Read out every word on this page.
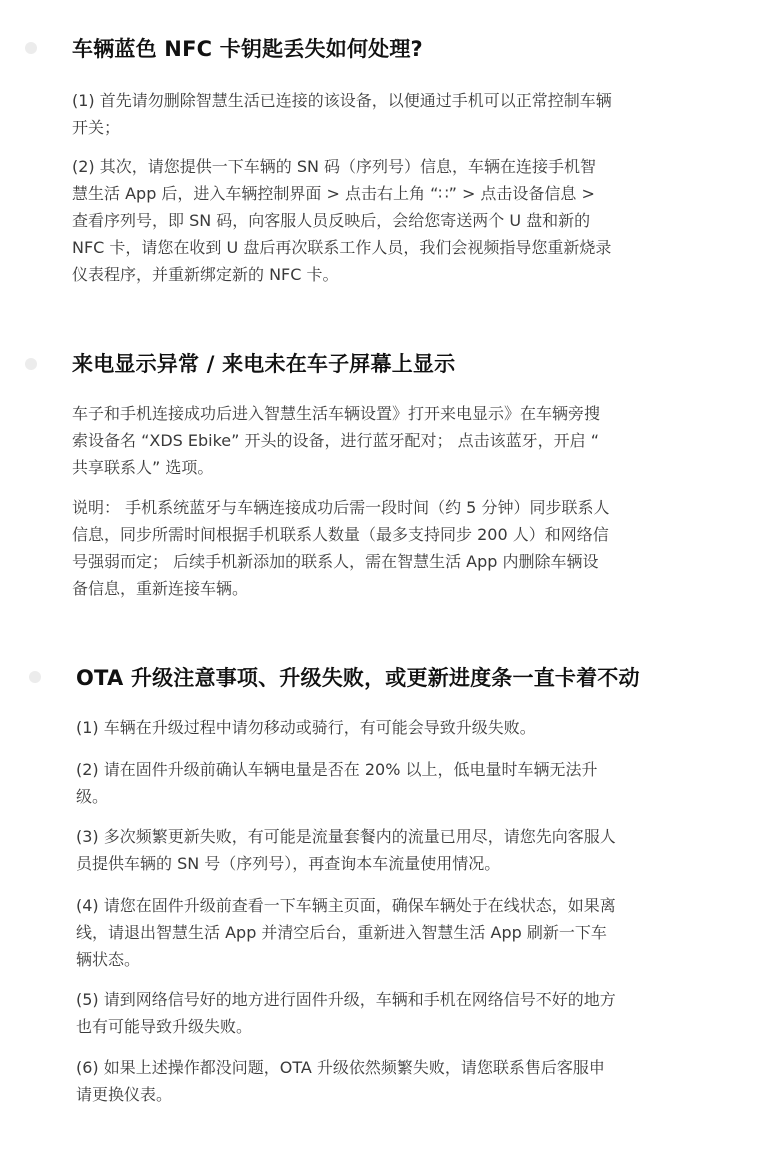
车辆蓝色 NFC 卡钥匙丢失如何处理?

(1) 首先请勿删除智慧生活已连接的该设备，以便通过手机可以正常控制车辆开关；

(2) 其次，请您提供一下车辆的 SN 码（序列号）信息，车辆在连接手机智慧生活 App 后，进入车辆控制界面 > 点击右上角 “∷” > 点击设备信息 > 查看序列号，即 SN 码，向客服人员反映后，会给您寄送两个 U 盘和新的 NFC 卡，请您在收到 U 盘后再次联系工作人员，我们会视频指导您重新烧录仪表程序，并重新绑定新的 NFC 卡。

来电显示异常 / 来电未在车子屏幕上显示

车子和手机连接成功后进入智慧生活车辆设置》打开来电显示》在车辆旁搜索设备名 “XDS Ebike” 开头的设备，进行蓝牙配对； 点击该蓝牙，开启 “ 共享联系人” 选项。

说明： 手机系统蓝牙与车辆连接成功后需一段时间（约 5 分钟）同步联系人信息，同步所需时间根据手机联系人数量（最多支持同步 200 人）和网络信号强弱而定； 后续手机新添加的联系人，需在智慧生活 App 内删除车辆设备信息，重新连接车辆。

OTA 升级注意事项、升级失败，或更新进度条一直卡着不动

(1) 车辆在升级过程中请勿移动或骑行，有可能会导致升级失败。

(2) 请在固件升级前确认车辆电量是否在 20% 以上，低电量时车辆无法升级。

(3) 多次频繁更新失败，有可能是流量套餐内的流量已用尽，请您先向客服人员提供车辆的 SN 号（序列号），再查询本车流量使用情况。

(4) 请您在固件升级前查看一下车辆主页面，确保车辆处于在线状态，如果离线，请退出智慧生活 App 并清空后台，重新进入智慧生活 App 刷新一下车辆状态。

(5) 请到网络信号好的地方进行固件升级，车辆和手机在网络信号不好的地方也有可能导致升级失败。

(6) 如果上述操作都没问题，OTA 升级依然频繁失败，请您联系售后客服申请更换仪表。
